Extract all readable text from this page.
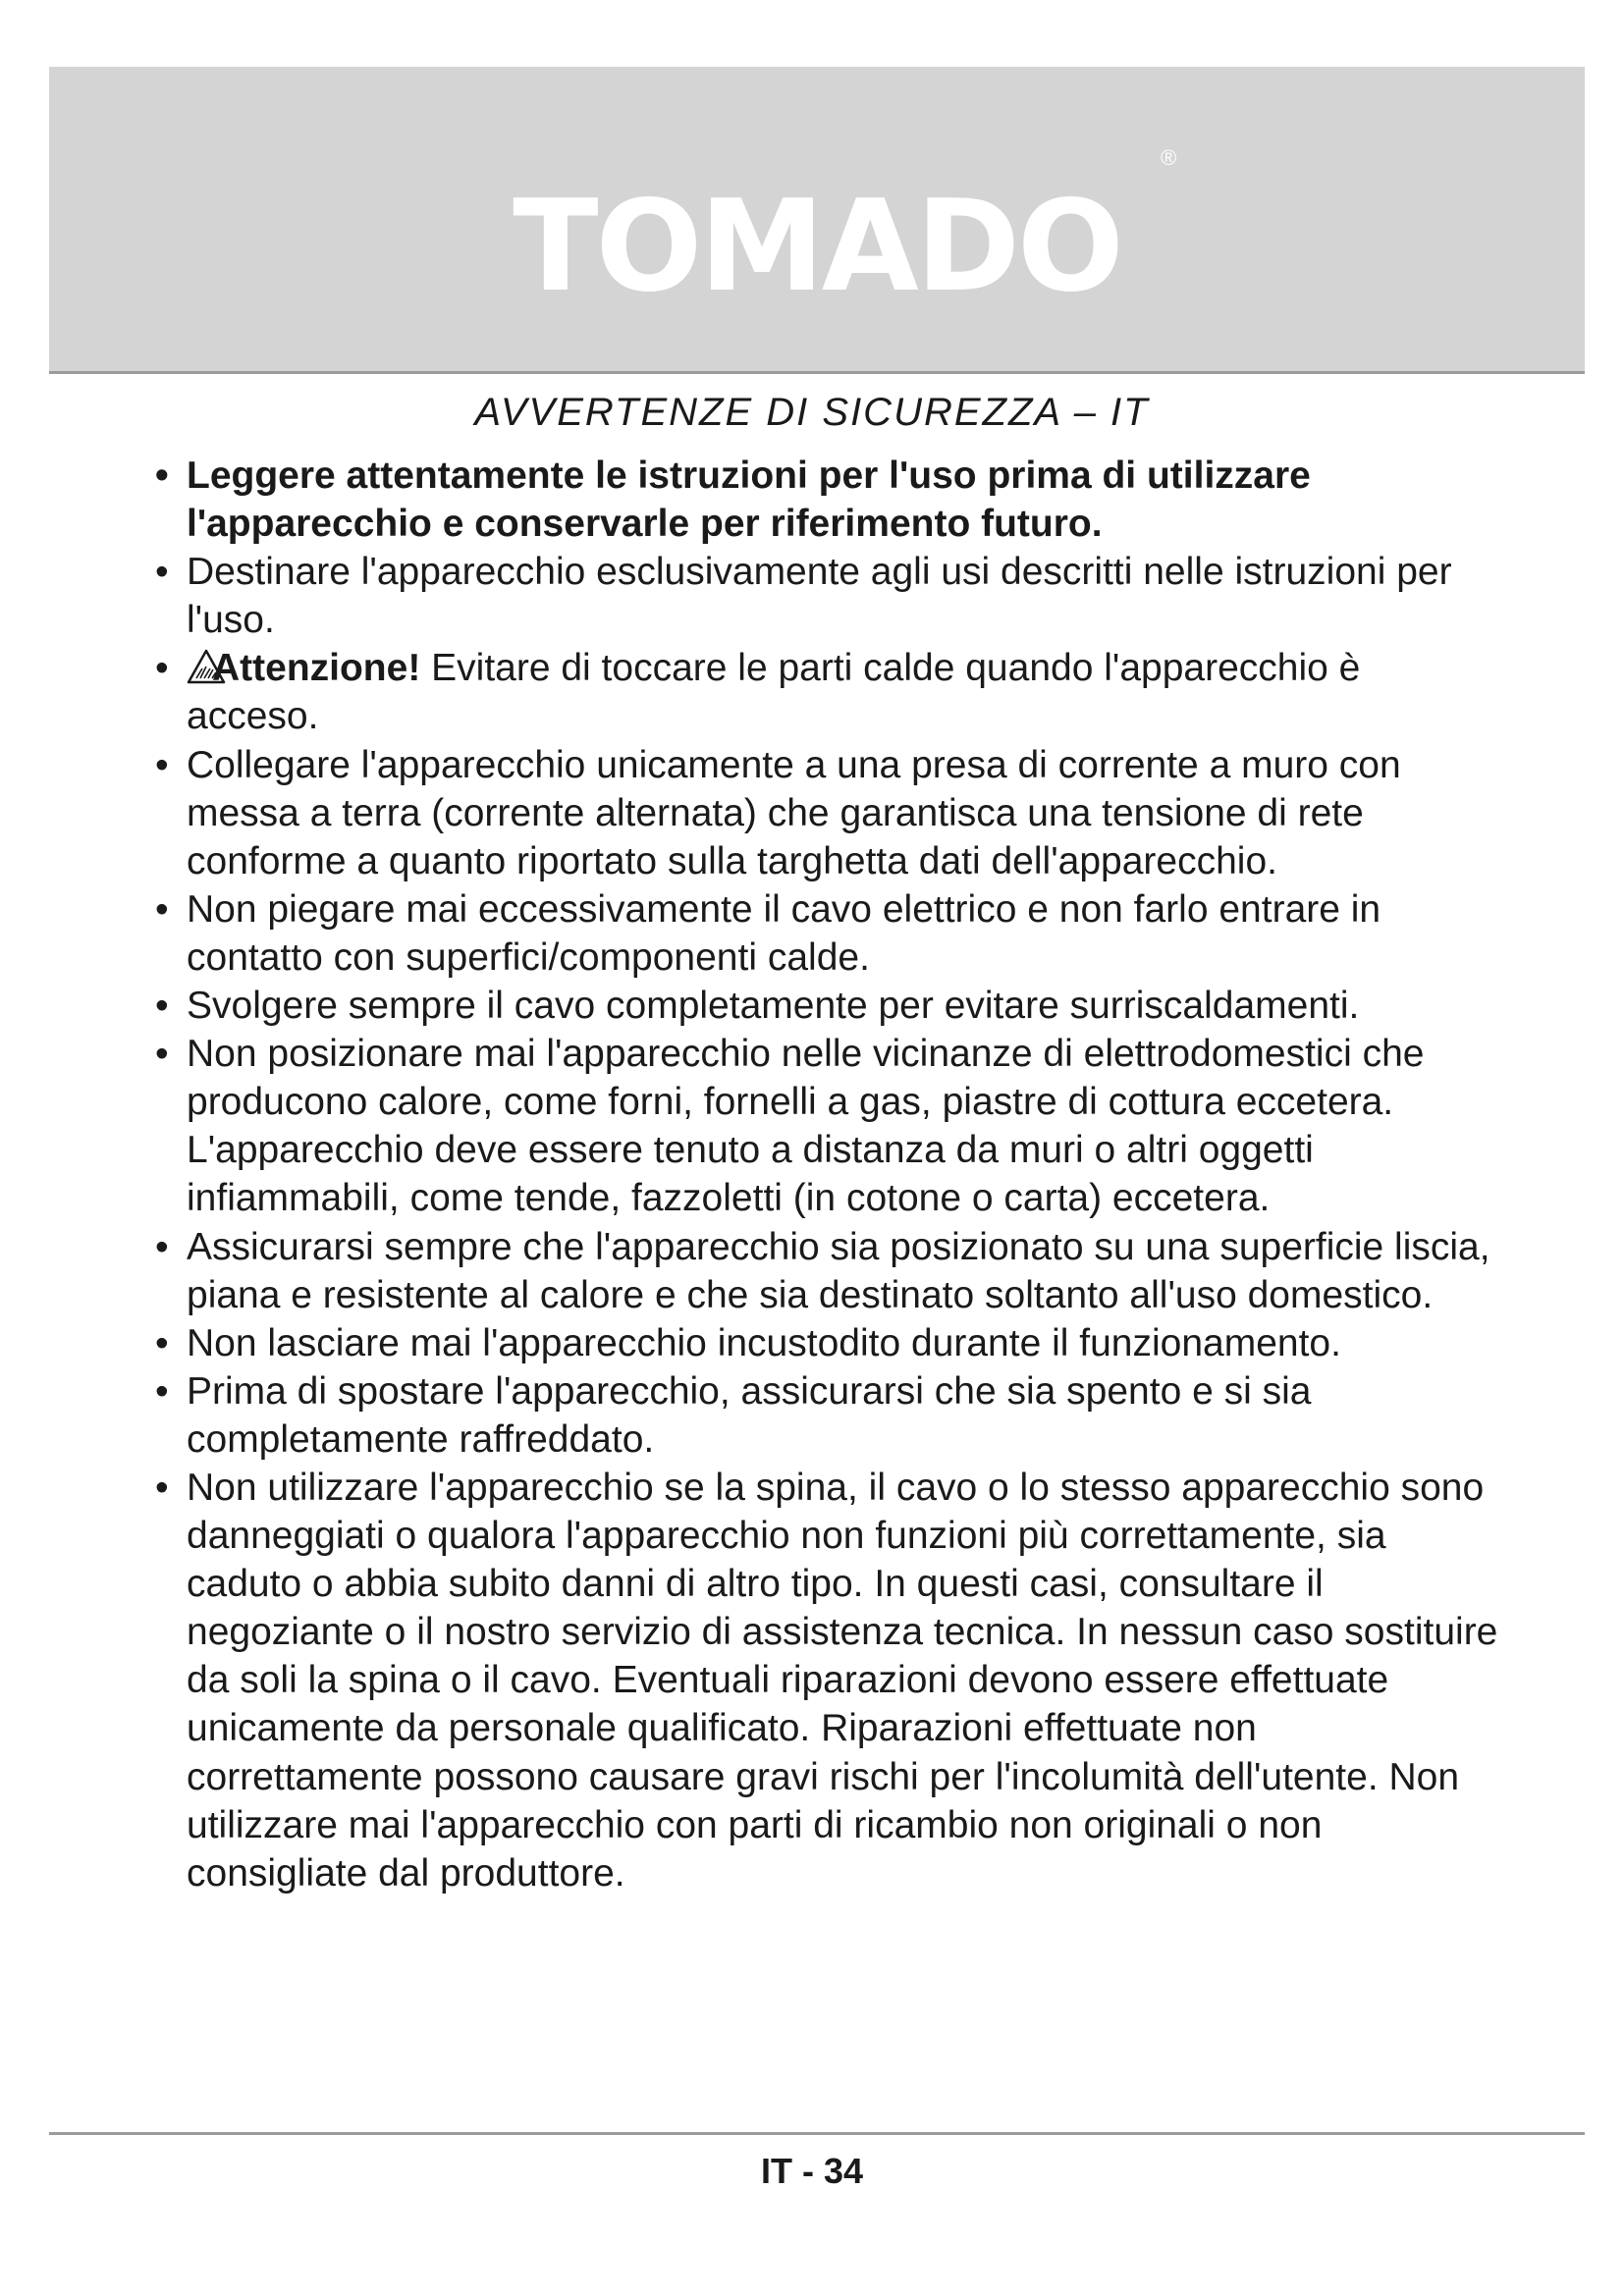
TOMADO
®
AVVERTENZE DI SICUREZZA – IT
• Leggere attentamente le istruzioni per l'uso prima di utilizzare l'apparecchio e conservarle per riferimento futuro.
• Destinare l'apparecchio esclusivamente agli usi descritti nelle istruzioni per l'uso.
• Attenzione! Evitare di toccare le parti calde quando l'apparecchio è acceso.
• Collegare l'apparecchio unicamente a una presa di corrente a muro con messa a terra (corrente alternata) che garantisca una tensione di rete conforme a quanto riportato sulla targhetta dati dell'apparecchio.
• Non piegare mai eccessivamente il cavo elettrico e non farlo entrare in contatto con superfici/componenti calde.
• Svolgere sempre il cavo completamente per evitare surriscaldamenti.
• Non posizionare mai l'apparecchio nelle vicinanze di elettrodomestici che producono calore, come forni, fornelli a gas, piastre di cottura eccetera. L'apparecchio deve essere tenuto a distanza da muri o altri oggetti infiammabili, come tende, fazzoletti (in cotone o carta) eccetera.
• Assicurarsi sempre che l'apparecchio sia posizionato su una superficie liscia, piana e resistente al calore e che sia destinato soltanto all'uso domestico.
• Non lasciare mai l'apparecchio incustodito durante il funzionamento.
• Prima di spostare l'apparecchio, assicurarsi che sia spento e si sia completamente raffreddato.
• Non utilizzare l'apparecchio se la spina, il cavo o lo stesso apparecchio sono danneggiati o qualora l'apparecchio non funzioni più correttamente, sia caduto o abbia subito danni di altro tipo. In questi casi, consultare il negoziante o il nostro servizio di assistenza tecnica. In nessun caso sostituire da soli la spina o il cavo. Eventuali riparazioni devono essere effettuate unicamente da personale qualificato. Riparazioni effettuate non correttamente possono causare gravi rischi per l'incolumità dell'utente. Non utilizzare mai l'apparecchio con parti di ricambio non originali o non consigliate dal produttore.
IT - 34
